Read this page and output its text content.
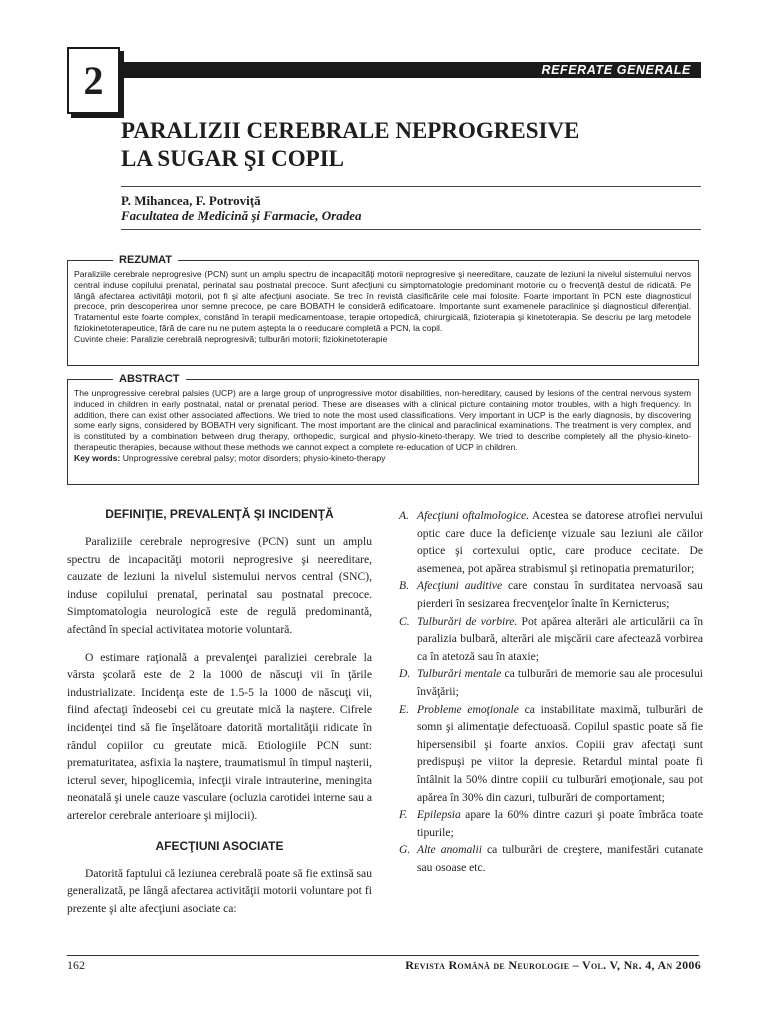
2	REFERATE GENERALE
PARALIZII CEREBRALE NEPROGRESIVE
LA SUGAR ŞI COPIL
P. Mihancea, F. Potroviţă
Facultatea de Medicină şi Farmacie, Oradea
REZUMAT

Paraliziile cerebrale neprogresive (PCN) sunt un amplu spectru de incapacităţi motorii neprogresive şi neereditare, cauzate de leziuni la nivelul sistemului nervos central induse copilului prenatal, perinatal sau postnatal precoce. Sunt afecţiuni cu simptomatologie predominant motorie cu o frecvenţă destul de ridicată. Pe lângă afectarea activităţii motorii, pot fi şi alte afecţiuni asociate. Se trec în revistă clasificările cele mai folosite. Foarte important în PCN este diagnosticul precoce, prin descoperirea unor semne precoce, pe care BOBATH le consideră edificatoare. Importante sunt examenele paraclinice şi diagnosticul diferenţial. Tratamentul este foarte complex, constând în terapii medicamentoase, terapie ortopedică, chirurgicală, fizioterapia şi kinetoterapia. Se descriu pe larg metodele fiziokinetoterapeutice, fără de care nu ne putem aştepta la o reeducare completă a PCN, la copil.

Cuvinte cheie: Paralizie cerebrală neprogresivă; tulburări motorii; fiziokinetoterapie

ABSTRACT

The unprogressive cerebral palsies (UCP) are a large group of unprogressive motor disabilities, non-hereditary, caused by lesions of the central nervous system induced in children in early postnatal, natal or prenatal period. These are diseases with a clinical picture containing motor troubles, with a high frequency. In addition, there can exist other associated affections. We tried to note the most used classifications. Very important in UCP is the early diagnosis, by discovering some early signs, considered by BOBATH very significant. The most important are the clinical and paraclinical examinations. The treatment is very complex, and is constituted by a combination between drug therapy, orthopedic, surgical and physio-kineto-therapy. We tried to describe completely all the physio-kineto-therapeutic therapies, because without these methods we cannot expect a complete re-education of UCP in children.

Key words: Unprogressive cerebral palsy; motor disorders; physio-kineto-therapy

DEFINIŢIE, PREVALENŢĂ ŞI INCIDENŢĂ

Paraliziile cerebrale neprogresive (PCN) sunt un amplu spectru de incapacităţi motorii neprogresive şi neereditare, cauzate de leziuni la nivelul sistemului nervos central (SNC), induse copilului prenatal, perinatal sau postnatal precoce. Simptomatologia neurologică este de regulă predominantă, afectând în special activitatea motorie voluntară.

O estimare raţională a prevalenţei paraliziei cerebrale la vârsta şcolară este de 2 la 1000 de născuţi vii în ţările industrializate. Incidenţa este de 1.5-5 la 1000 de născuţi vii, fiind afectaţi îndeosebi cei cu greutate mică la naştere. Cifrele incidenţei tind să fie înşelătoare datorită mortalităţii ridicate în rândul copiilor cu greutate mică. Etiologiile PCN sunt: prematuritatea, asfixia la naştere, traumatismul în timpul naşterii, icterul sever, hipoglicemia, infecţii virale intrauterine, meningita neonatală şi unele cauze vasculare (ocluzia carotidei interne sau a arterelor cerebrale anterioare şi mijlocii).

AFECŢIUNI ASOCIATE

Datorită faptului că leziunea cerebrală poate să fie extinsă sau generalizată, pe lângă afectarea activităţii motorii voluntare pot fi prezente şi alte afecţiuni asociate ca:

A. Afecţiuni oftalmologice. Acestea se datorese atrofiei nervului optic care duce la deficienţe vizuale sau leziuni ale căilor optice şi cortexului optic, care produce cecitate. De asemenea, pot apărea strabismul şi retinopatia prematurilor;
B. Afecţiuni auditive care constau în surditatea nervoasă sau pierderi în sesizarea frecvenţelor înalte în Kernicterus;
C. Tulburări de vorbire. Pot apărea alterări ale articulării ca în paralizia bulbară, alterări ale mişcării care afectează vorbirea ca în atetoză sau în ataxie;
D. Tulburări mentale ca tulburări de memorie sau ale procesului învăţării;
E. Probleme emoţionale ca instabilitate maximă, tulburări de somn şi alimentaţie defectuoasă. Copilul spastic poate să fie hipersensibil şi foarte anxios. Copiii grav afectaţi sunt predispuşi pe viitor la depresie. Retardul mintal poate fi întâlnit la 50% dintre copiii cu tulburări emoţionale, sau pot apărea în 30% din cazuri, tulburări de comportament;
F. Epilepsia apare la 60% dintre cazuri şi poate îmbrăca toate tipurile;
G. Alte anomalii ca tulburări de creştere, manifestări cutanate sau osoase etc.
162	Revista Română de Neurologie – Vol. V, Nr. 4, An 2006
